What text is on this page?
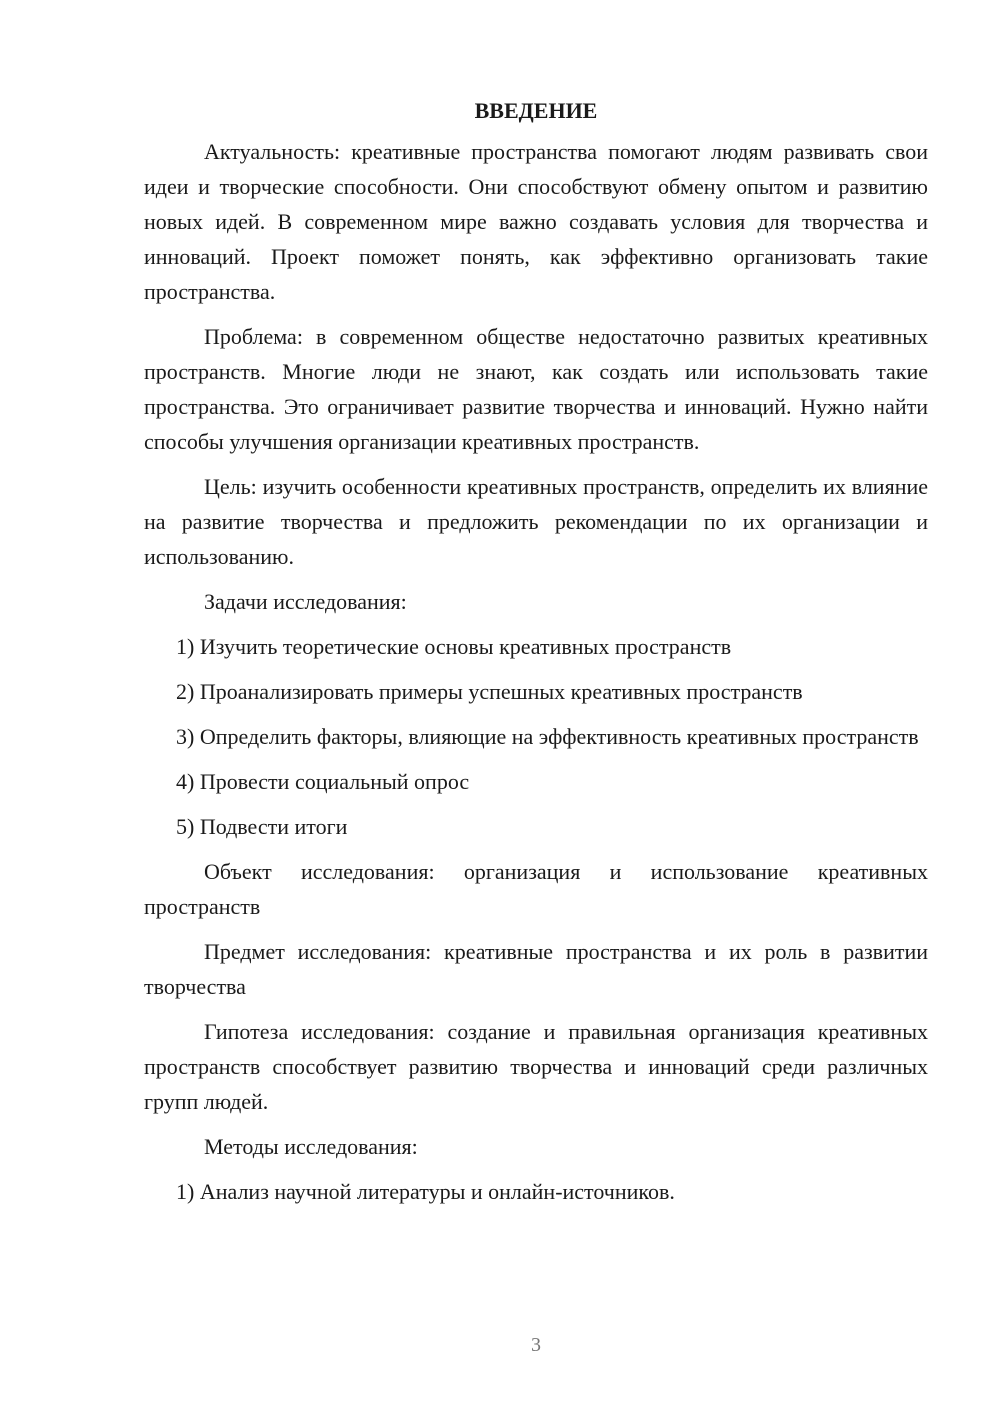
ВВЕДЕНИЕ

Актуальность: креативные пространства помогают людям развивать свои идеи и творческие способности. Они способствуют обмену опытом и развитию новых идей. В современном мире важно создавать условия для творчества и инноваций. Проект поможет понять, как эффективно организовать такие пространства.

Проблема: в современном обществе недостаточно развитых креативных пространств. Многие люди не знают, как создать или использовать такие пространства. Это ограничивает развитие творчества и инноваций. Нужно найти способы улучшения организации креативных пространств.

Цель: изучить особенности креативных пространств, определить их влияние на развитие творчества и предложить рекомендации по их организации и использованию.

Задачи исследования:

1) Изучить теоретические основы креативных пространств

2) Проанализировать примеры успешных креативных пространств

3) Определить факторы, влияющие на эффективность креативных пространств

4) Провести социальный опрос

5) Подвести итоги

Объект исследования: организация и использование креативных пространств

Предмет исследования: креативные пространства и их роль в развитии творчества

Гипотеза исследования: создание и правильная организация креативных пространств способствует развитию творчества и инноваций среди различных групп людей.

Методы исследования:

1) Анализ научной литературы и онлайн-источников.

3
